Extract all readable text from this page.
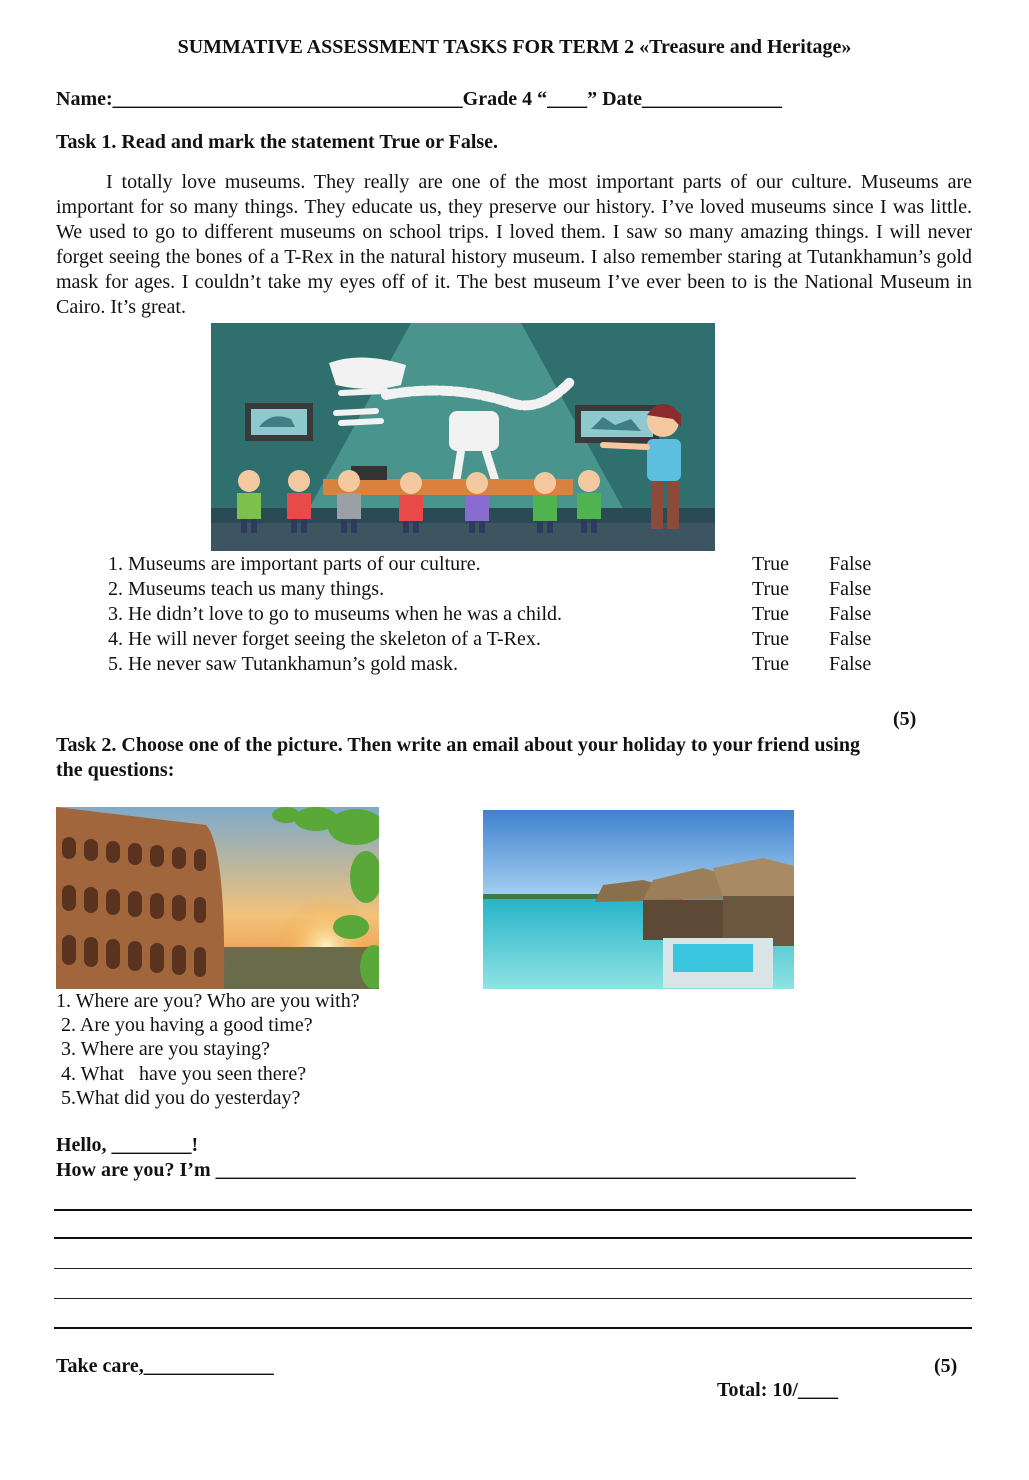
SUMMATIVE ASSESSMENT TASKS FOR TERM 2 «Treasure and Heritage»
Name:___________________________________Grade 4 “____” Date______________
Task 1. Read and mark the statement True or False.
I totally love museums. They really are one of the most important parts of our culture. Museums are important for so many things. They educate us, they preserve our history. I’ve loved museums since I was little. We used to go to different museums on school trips. I loved them. I saw so many amazing things. I will never forget seeing the bones of a T-Rex in the natural history museum. I also remember staring at Tutankhamun’s gold mask for ages. I couldn’t take my eyes off of it. The best museum I’ve ever been to is the National Museum in Cairo. It’s great.
1. Museums are important parts of our culture.	True False
2. Museums teach us many things.	True False
3. He didn’t love to go to museums when he was a child.	True False
4. He will never forget seeing the skeleton of a T-Rex.	True False
5. He never saw Tutankhamun’s gold mask.	True False
(5)
Task 2. Choose one of the picture. Then write an email about your holiday to your friend using
the questions:
1. Where are you? Who are you with?
2. Are you having a good time?
3. Where are you staying?
4. What   have you seen there?
5.What did you do yesterday?
Hello, ________!
How are you? I’m ________________________________________________________________
Take care,_____________	(5)
Total: 10/____
